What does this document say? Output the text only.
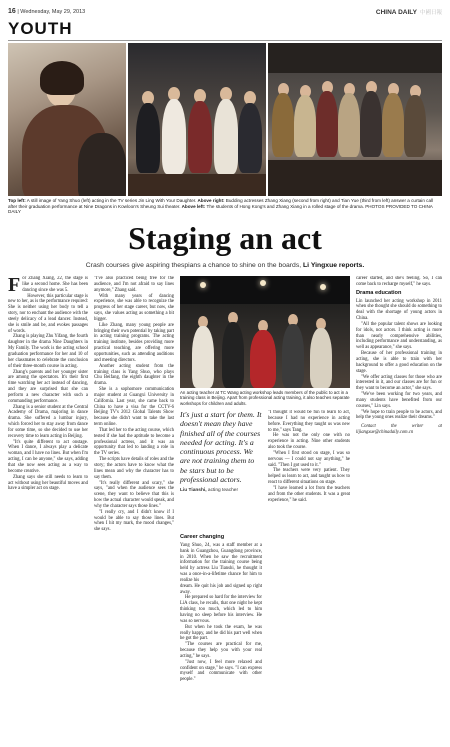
16 | Wednesday, May 29, 2013	CHINA DAILY 中國日報
YOUTH
Top left: A still image of Yang Shuo (left) acting in the TV series Jin Ling With Your Daughter. Above right: Budding actresses Zhang Xiang (second from right) and Tian Yue (third from left) answer a curtain call after their graduation performance at Nine Dragons in Kowloon's Sheung Sui theater. Above left: The students of Hong Kong's and Zhang Xiang in a rolled stage of the drama. PHOTOS PROVIDED TO CHINA DAILY
Staging an act
Crash courses give aspiring thespians a chance to shine on the boards, Li Yingxue reports.

For Zhang Xiang, 22, the stage is like a second home. She has been dancing since she was 5.

However, this particular stage is new to her, as is the performance required: She is neither using her body to tell a story, nor to enchant the audience with the steely delicacy of a lead dancer. Instead, she is smile and be, and evokes passages of words.

Zhang is playing Zhu Yifang, the fourth daughter in the drama Nine Daughters in My Family. The work is the acting school graduation performance for her and 10 of her classmates to celebrate the conclusion of their three-month course in acting.

Zhang's parents and her younger sister are among the spectators. It's their first time watching her act instead of dancing, and they are surprised that she can perform a new character with such a commanding performance.

Zhang is a senior student at the Central Academy of Drama, majoring in dance drama. She suffered a lumbar injury, which forced her to stay away from dance for some time, so she decided to use her recovery time to learn acting in Beijing.

"It's quite different to act onstage. When I dance, I always play a delicate woman, and I have no lines. But when I'm acting, I can be anyone," she says, adding that she now sees acting as a way to become creative.

Zhang says she still needs to learn to act without using her beautiful moves and have a simpler act on stage.

"I've also practiced being free for the audience, and I'm not afraid to say lines anymore," Zhang said.

With many years of dancing experience, she was able to recognize the progress of her stage career, but now, she says, she values acting as something a bit bigger.

Like Zhang, many young people are bringing their own potential by taking part in acting training programs. The acting training institute, besides providing more practical teaching, are offering more opportunities, such as attending auditions and meeting directors.

Another acting student from the training class is Yang Shuo, who plays Chu Beifang, the eighth daughter in the drama.

She is a sophomore communication major student at Guangxi University in California. Last year, she came back to China to have a visa for the CCTV-6 Beijing TV's 2012 Global Talents Show because she didn't want to take the last term online.

That led her to the acting course, which tested if she had the aptitude to become a professional actress, and it was an opportunity that led to landing a role in the TV series.

The scripts have details of roles and the story; the actors have to know what the lines mean and why the character has to say them.

"It's really different and scary," she says, "and when the audience sees the scene, they want to believe that this is how the actual character would speak, and why the character says those lines."

"I really cry, and I didn't know if I would be able to say those lines. But when I hit my mark, the mood changes," she says.

An acting teacher at TC Wang acting workshop leads members of the public to act in a training class in Beijing. Apart from professional acting training, it also teaches separate workshops for children and adults.
It's just a start for them. It doesn't mean they have finished all of the courses needed for acting. It's a continuous process. We are not training them to be stars but to be professional actors.
Liu Tianshi, acting teacher
Career changing

Yang Shuo, 24, was a staff member at a bank in Guangzhou, Guangdong province, in 2010. When he saw the recruitment information for the training course being held by actress Liu Tianshi, he thought it was a once-in-a-lifetime chance for him to realize his

dream. He quit his job and signed up right away.

He prepared so hard for the interview for LiA class, he recalls, that one night he kept thinking too much, which led to him having no sleep before his interview. He was so nervous.

But when he took the exam, he was really happy, and he did his part well when he got the part.

"The courses are practical for me, because they help you with your real acting," he says.

"Just now, I feel more relaxed and confident on stage," he says. "I can express myself and communicate with other people."

"I thought it would be fun to learn to act, because I had no experience in acting before. Everything they taught us was new to me," says Tang.

He was not the only one with no experience in acting. Nine other students also took the course.

"When I first stood on stage, I was so nervous — I could not say anything," he said. "Then I got used to it."

The teachers were very patient. They helped us learn to act, and taught us how to react to different situations on stage.

"I have learned a lot from the teachers and from the other students. It was a great experience," he said.

career started, and she's feeling. So, I can come back to recharge myself," he says.

Drama education

Lin launched her acting workshop in 2011 when she thought she should do something to deal with the shortage of young actors in China.

"All the popular talent shows are looking for idols, not actors. I think acting is more than nearly comprehensive abilities, including performance and understanding, as well as appearance," she says.

Because of her professional training in acting, she is able to train with her background to offer a good education on the stage.

"We offer acting classes for those who are interested in it, and our classes are for fun or they want to become an actor," she says.

"We've been working for two years, and many students have benefited from our courses," Lin says.

"We hope to train people to be actors, and help the young ones realize their dreams."

Contact the writer at lijiangxue@chinadaily.com.cn
